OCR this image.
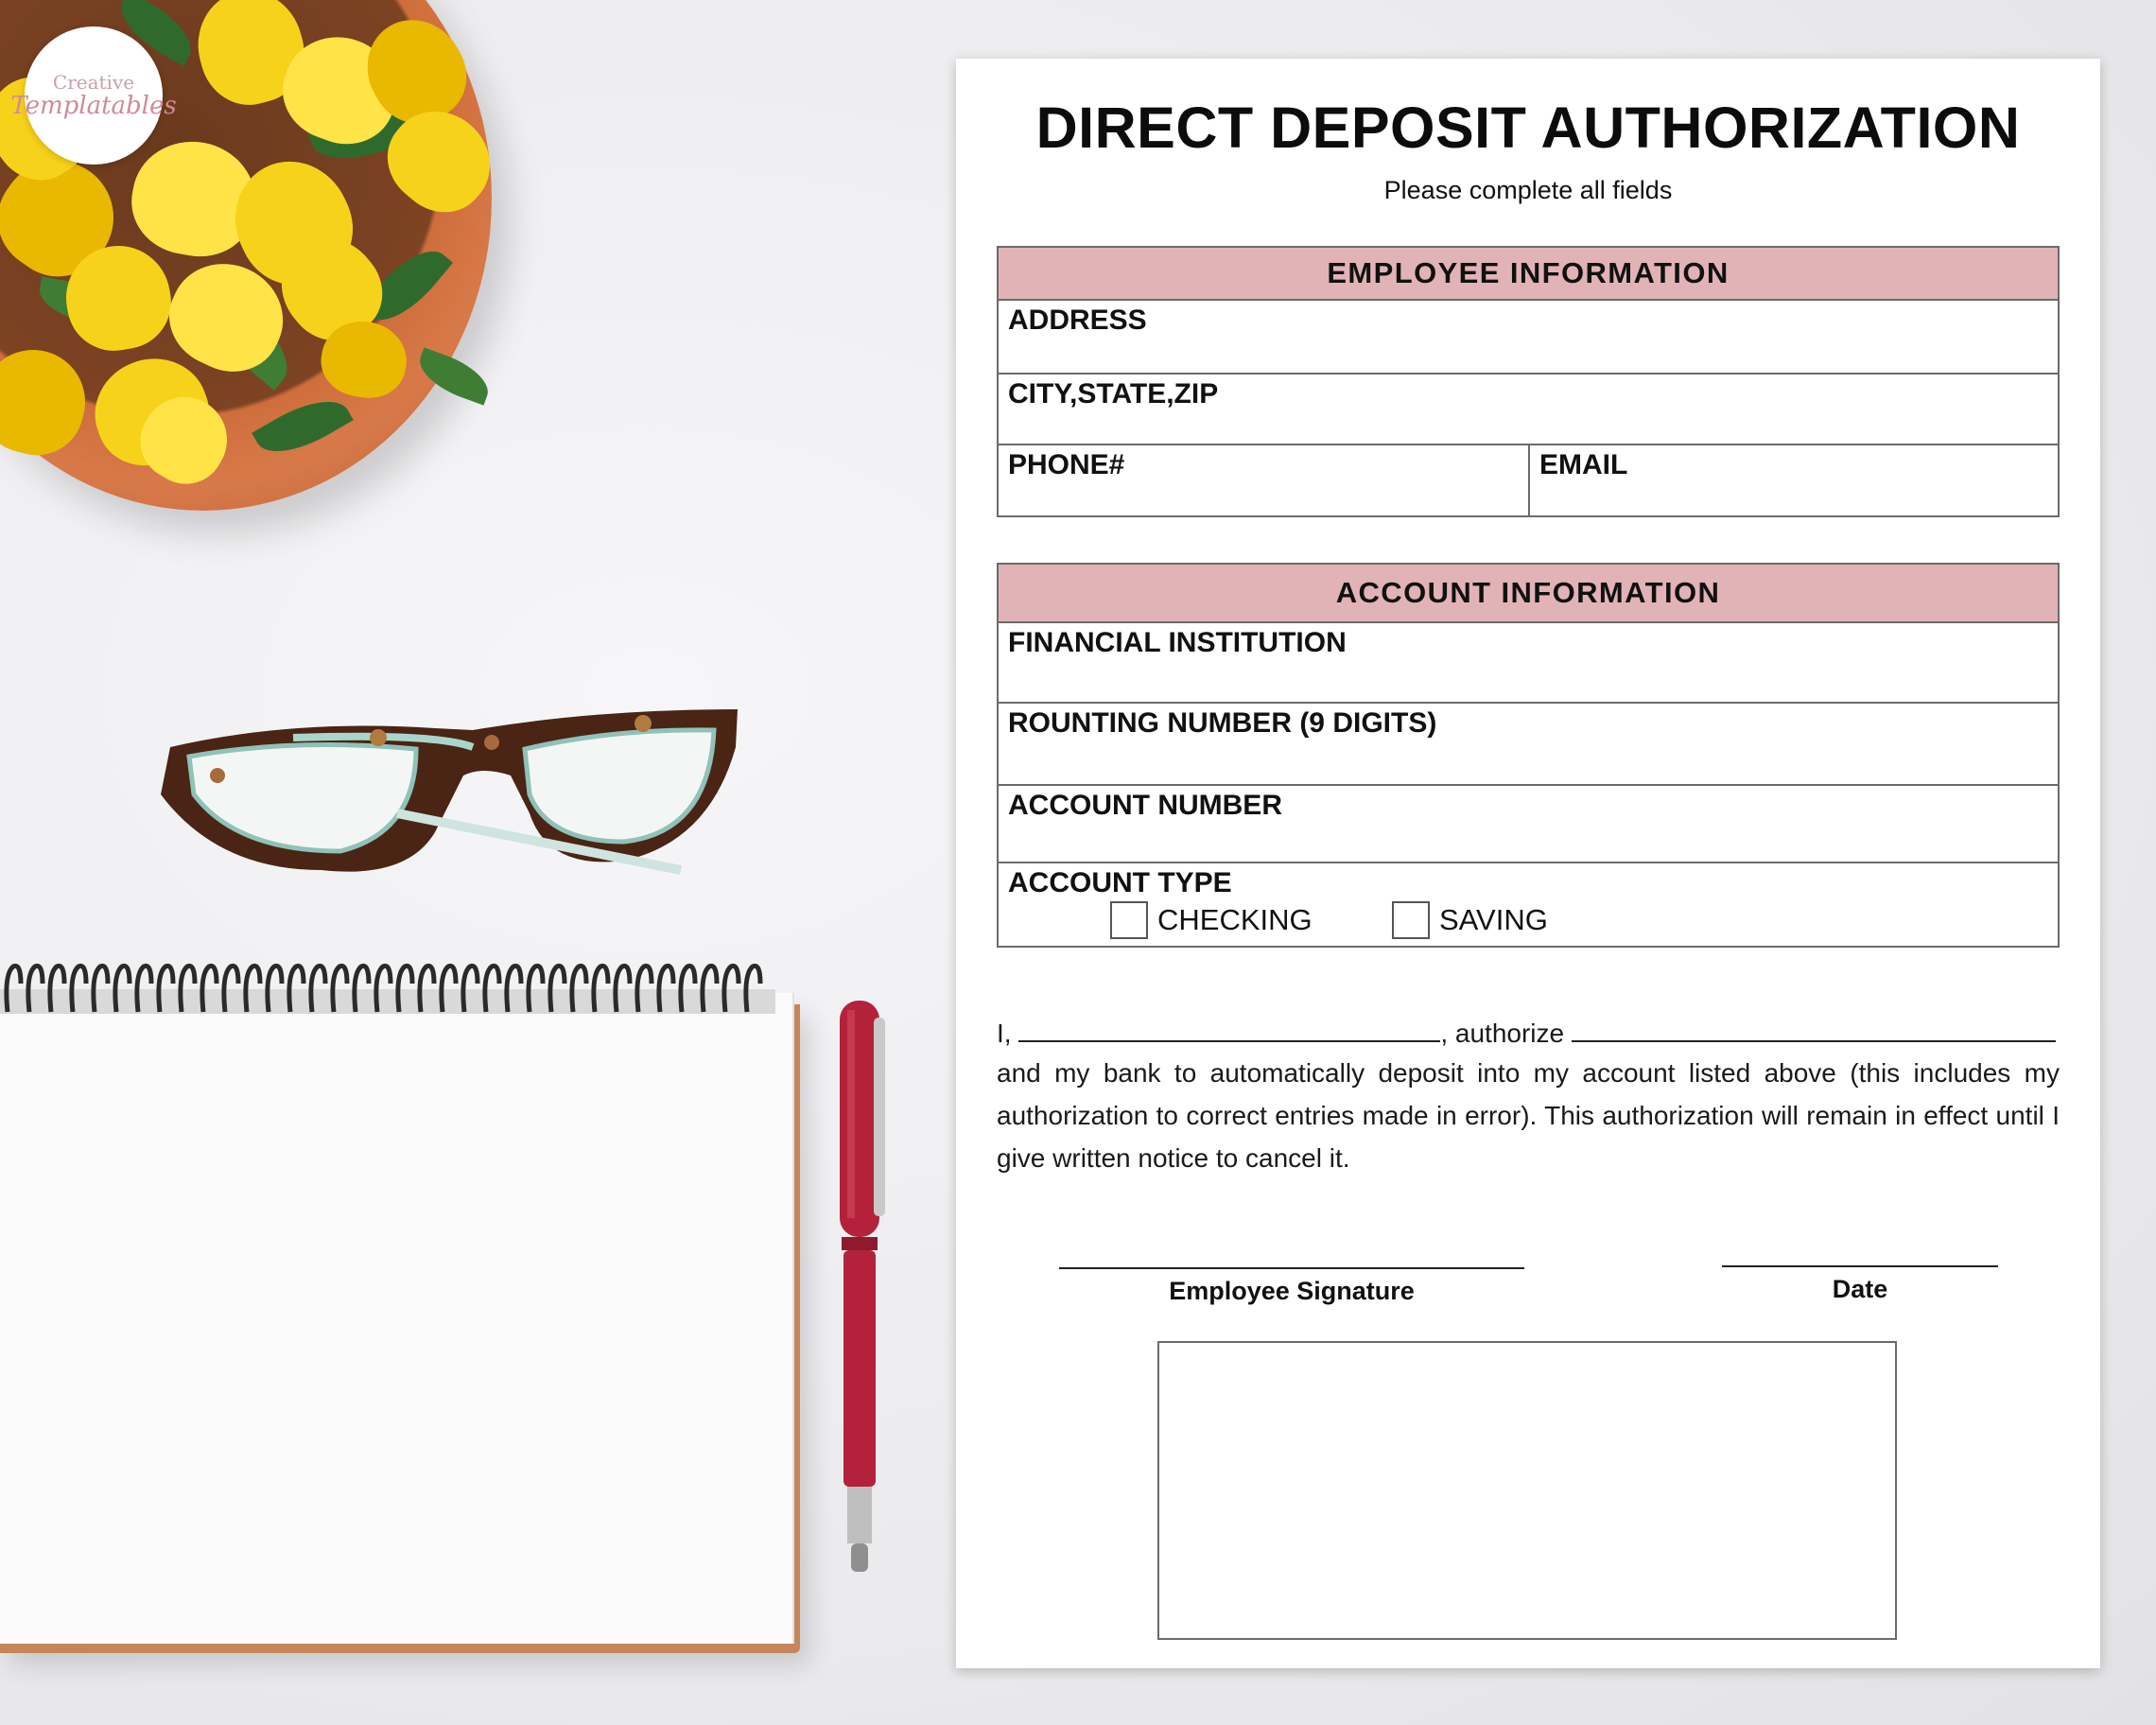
Creative
Templatables	DIRECT DEPOSIT AUTHORIZATION
Please complete all fields
EMPLOYEE INFORMATION
ADDRESS
CITY,STATE,ZIP
PHONE#	EMAIL
ACCOUNT INFORMATION
FINANCIAL INSTITUTION
ROUNTING NUMBER (9 DIGITS)
ACCOUNT NUMBER
ACCOUNT TYPE
CHECKING	SAVING
I,	, authorize
and my bank to automatically deposit into my account listed above (this includes my authorization to correct entries made in error). This authorization will remain in effect until I give written notice to cancel it.
Employee Signature	Date
